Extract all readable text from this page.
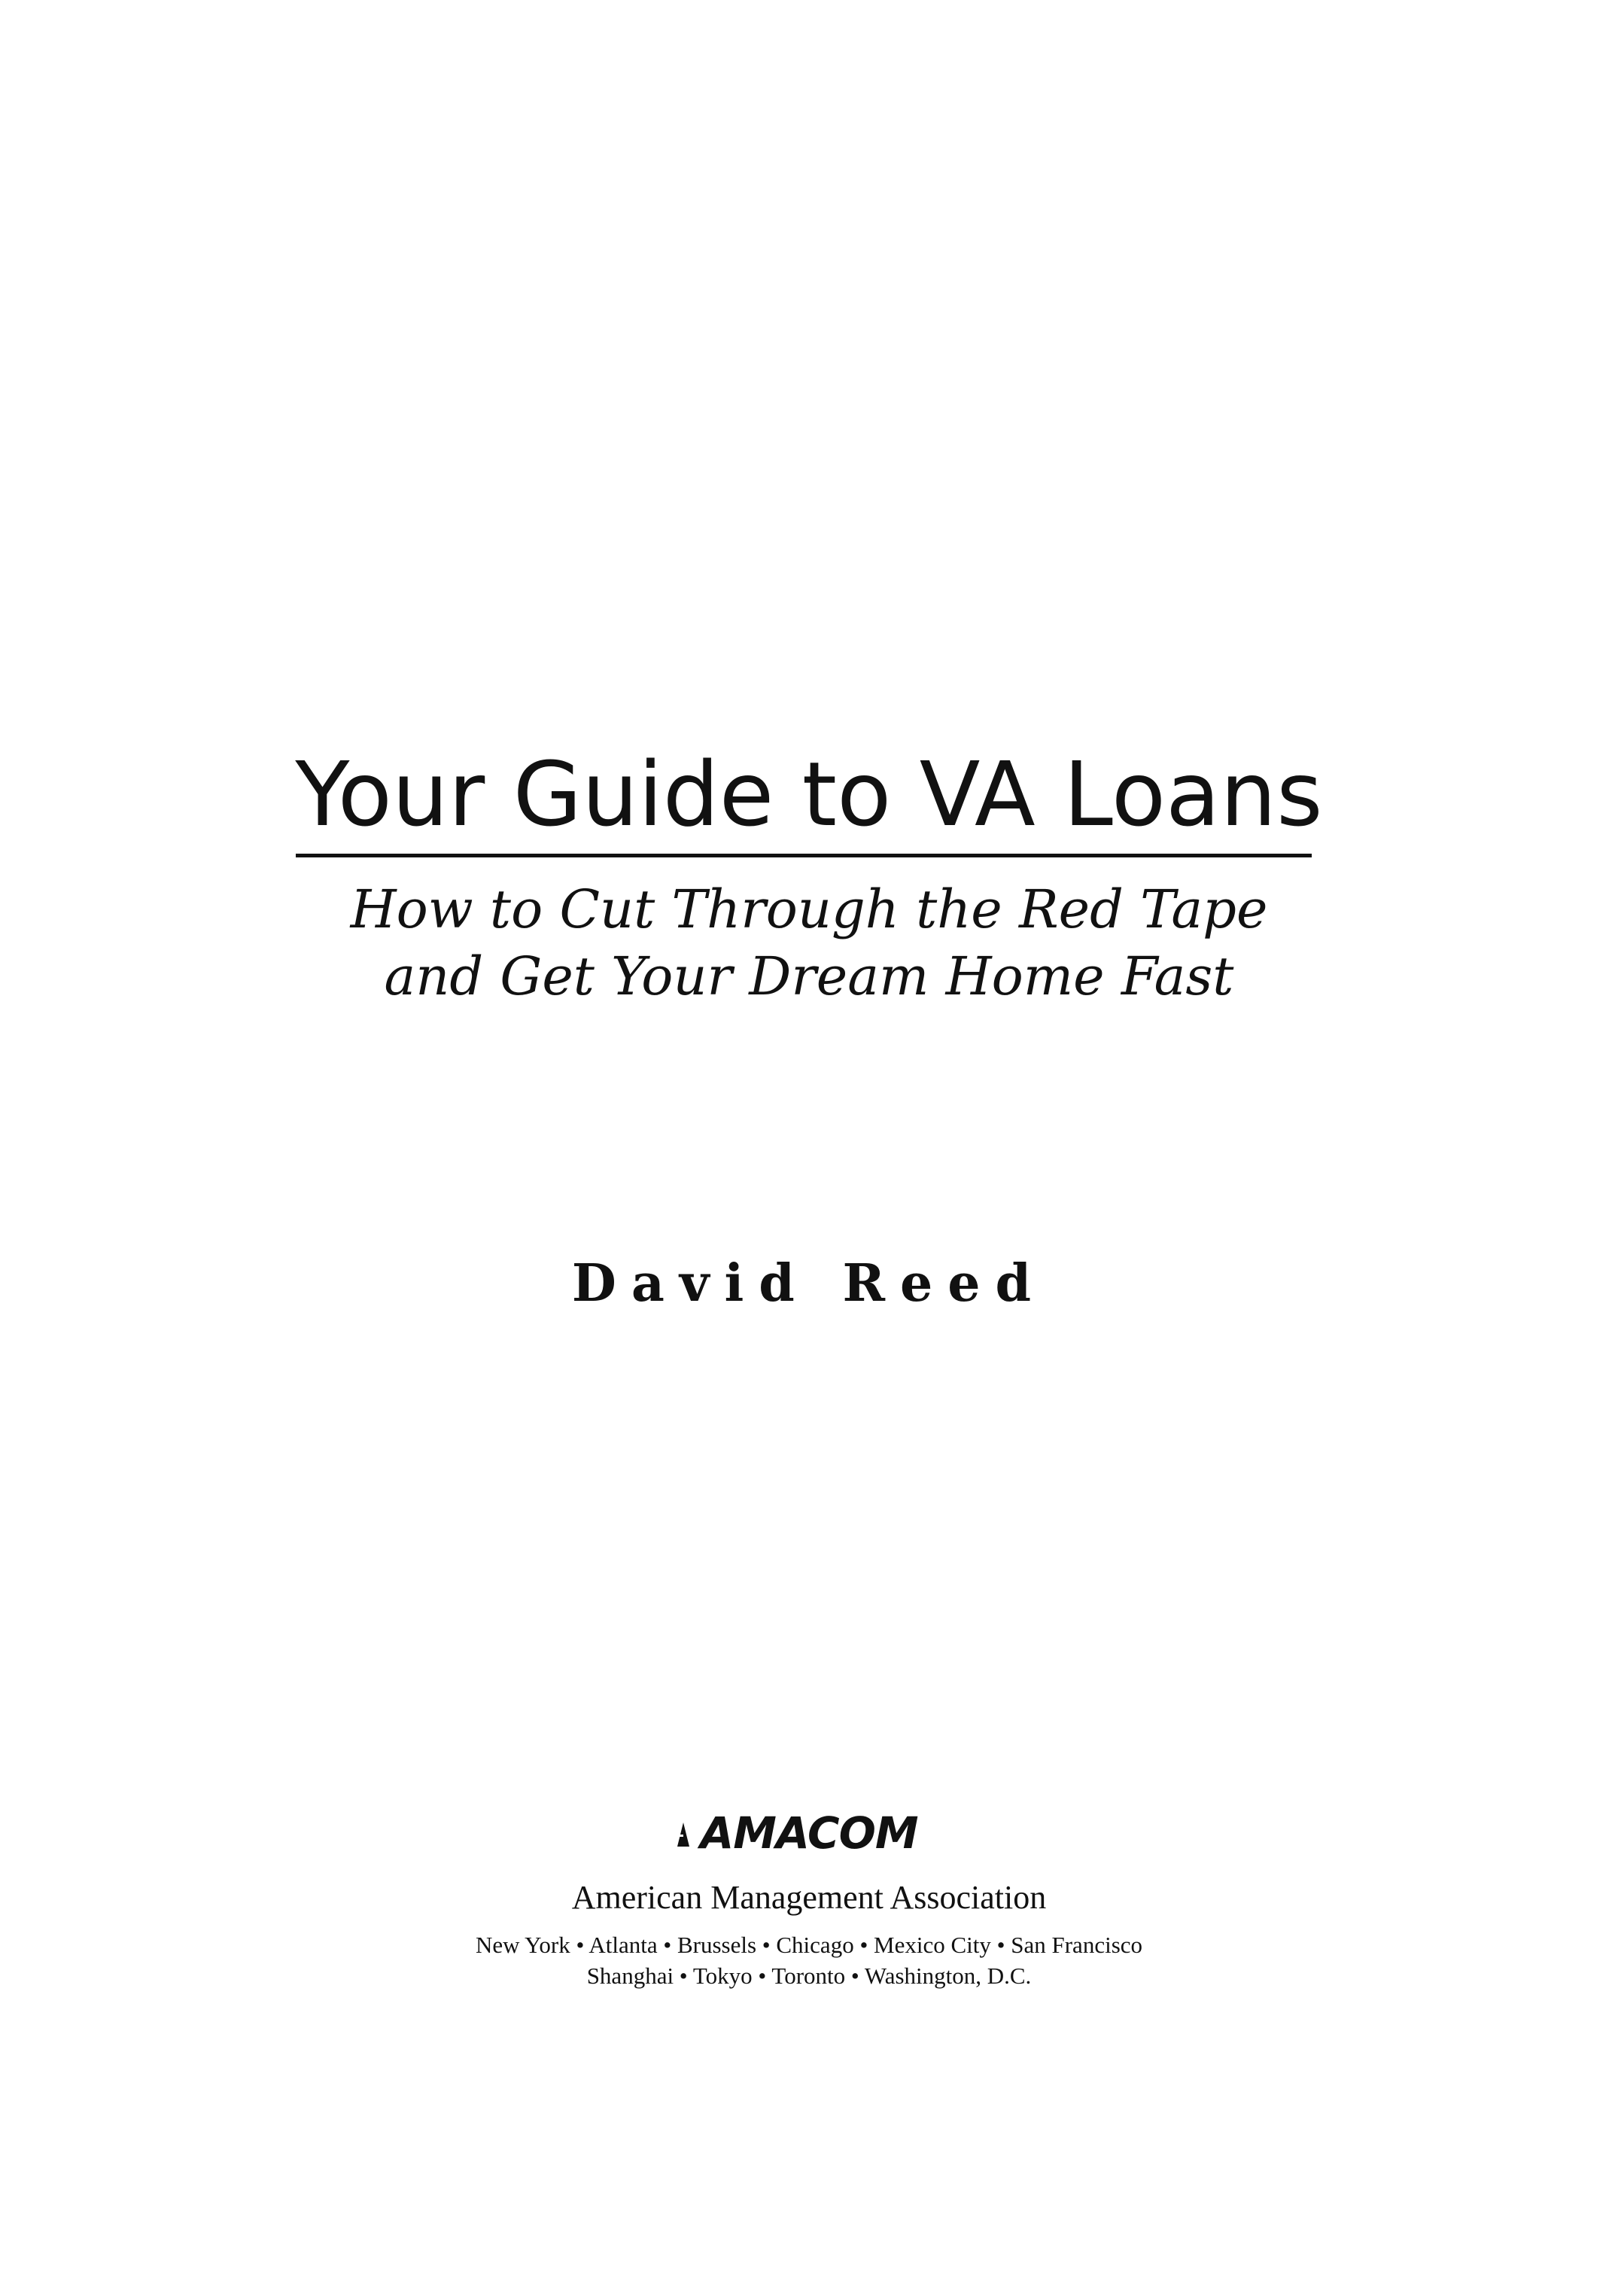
Your Guide to VA Loans
How to Cut Through the Red Tape
and Get Your Dream Home Fast
David Reed
AMACOM
American Management Association
New York • Atlanta • Brussels • Chicago • Mexico City • San Francisco
Shanghai • Tokyo • Toronto • Washington, D.C.
